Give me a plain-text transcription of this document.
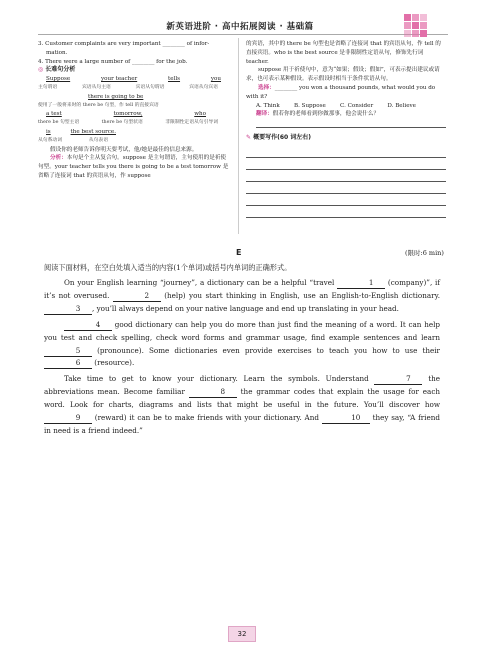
新英语进阶 · 高中拓展阅读 · 基础篇
3. Customer complaints are very important ________ of infor-
mation.
4. There were a large number of ________ for the job.
◎ 长难句分析
Suppose	your teacher	tells	you
主句谓语	宾语从句主语	宾语从句谓语	宾语从句宾语
there is going to be
使用了一般将来时的 there be 句型，作 tell 的直接宾语
a test	tomorrow,	who
there be 句型主语	there be 句型状语	非限制性定语从句引导词
is	the best source.
从句系动词	从句表语
假设你的老师告诉你明天要考试，他/她是最佳的信息来源。
分析：本句是个主从复合句。suppose 是主句谓语，主句使用的是祈使句型。your teacher tells you there is going to be a test tomorrow 是省略了连接词 that 的宾语从句，作 suppose
的宾语，其中的 there be 句型也是省略了连接词 that 的宾语从句，作 tell 的直接宾语。who is the best source 是非限制性定语从句，修饰先行词 teacher.
suppose 用于祈使句中，意为“如果；假设；假如”，可表示提出建议或请求，也可表示某种假设。表示假设时相当于条件状语从句。
选择：________ you won a thousand pounds, what would you do with it?
A. Think	B. Suppose	C. Consider	D. Believe
翻译：假若你的老师看到你做那事，他会说什么？
✎ 概要写作(60 词左右)
E	(限时:6 min)
阅读下面材料，在空白处填入适当的内容(1个单词)或括号内单词的正确形式。

On your English learning “journey”, a dictionary can be a helpful “travel	1 (company)”, if it’s not overused.	2 (help) you start thinking in English, use an English-to-English dictionary. 3 , you’ll always depend on your native language and end up translating in your head.

4 good dictionary can help you do more than just find the meaning of a word. It can help you test and check spelling, check word forms and grammar usage, find example sentences and learn 5 (pronounce). Some dictionaries even provide exercises to teach you how to use their 6 (resource).

Take time to get to know your dictionary. Learn the symbols. Understand	7 the abbreviations mean. Become familiar	8 the grammar codes that explain the usage for each word. Look for charts, diagrams and lists that might be useful in the future. You’ll discover how 9 (reward) it can be to make friends with your dictionary. And	10 they say, “A friend in need is a friend indeed.”

32
